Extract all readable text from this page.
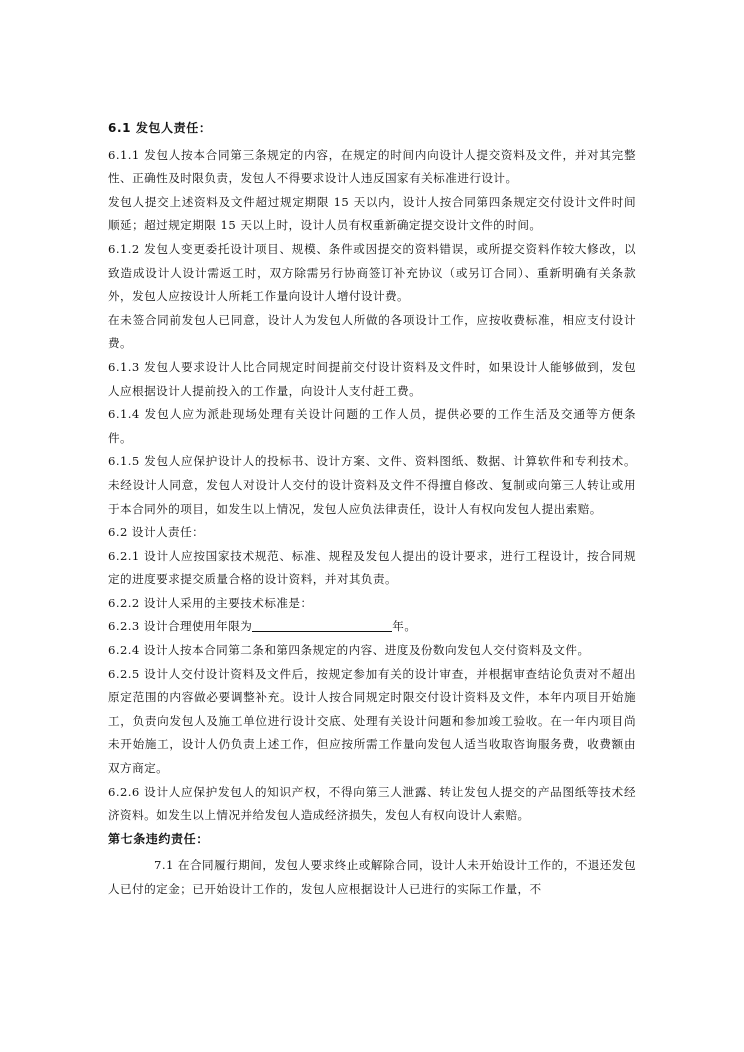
6.1 发包人责任：

6.1.1 发包人按本合同第三条规定的内容，在规定的时间内向设计人提交资料及文件，并对其完整性、正确性及时限负责，发包人不得要求设计人违反国家有关标准进行设计。

发包人提交上述资料及文件超过规定期限 15 天以内，设计人按合同第四条规定交付设计文件时间顺延；超过规定期限 15 天以上时，设计人员有权重新确定提交设计文件的时间。

6.1.2 发包人变更委托设计项目、规模、条件或因提交的资料错误，或所提交资料作较大修改，以致造成设计人设计需返工时，双方除需另行协商签订补充协议（或另订合同）、重新明确有关条款外，发包人应按设计人所耗工作量向设计人增付设计费。

在未签合同前发包人已同意，设计人为发包人所做的各项设计工作，应按收费标准，相应支付设计费。

6.1.3 发包人要求设计人比合同规定时间提前交付设计资料及文件时，如果设计人能够做到，发包人应根据设计人提前投入的工作量，向设计人支付赶工费。

6.1.4 发包人应为派赴现场处理有关设计问题的工作人员，提供必要的工作生活及交通等方便条件。

6.1.5 发包人应保护设计人的投标书、设计方案、文件、资料图纸、数据、计算软件和专利技术。未经设计人同意，发包人对设计人交付的设计资料及文件不得擅自修改、复制或向第三人转让或用于本合同外的项目，如发生以上情况，发包人应负法律责任，设计人有权向发包人提出索赔。

6.2 设计人责任：

6.2.1 设计人应按国家技术规范、标准、规程及发包人提出的设计要求，进行工程设计，按合同规定的进度要求提交质量合格的设计资料，并对其负责。

6.2.2 设计人采用的主要技术标准是：

6.2.3 设计合理使用年限为	年。

6.2.4 设计人按本合同第二条和第四条规定的内容、进度及份数向发包人交付资料及文件。

6.2.5 设计人交付设计资料及文件后，按规定参加有关的设计审查，并根据审查结论负责对不超出原定范围的内容做必要调整补充。设计人按合同规定时限交付设计资料及文件，本年内项目开始施工，负责向发包人及施工单位进行设计交底、处理有关设计问题和参加竣工验收。在一年内项目尚未开始施工，设计人仍负责上述工作，但应按所需工作量向发包人适当收取咨询服务费，收费额由双方商定。

6.2.6 设计人应保护发包人的知识产权，不得向第三人泄露、转让发包人提交的产品图纸等技术经济资料。如发生以上情况并给发包人造成经济损失，发包人有权向设计人索赔。

第七条违约责任：

7.1 在合同履行期间，发包人要求终止或解除合同，设计人未开始设计工作的，不退还发包人已付的定金；已开始设计工作的，发包人应根据设计人已进行的实际工作量，不
